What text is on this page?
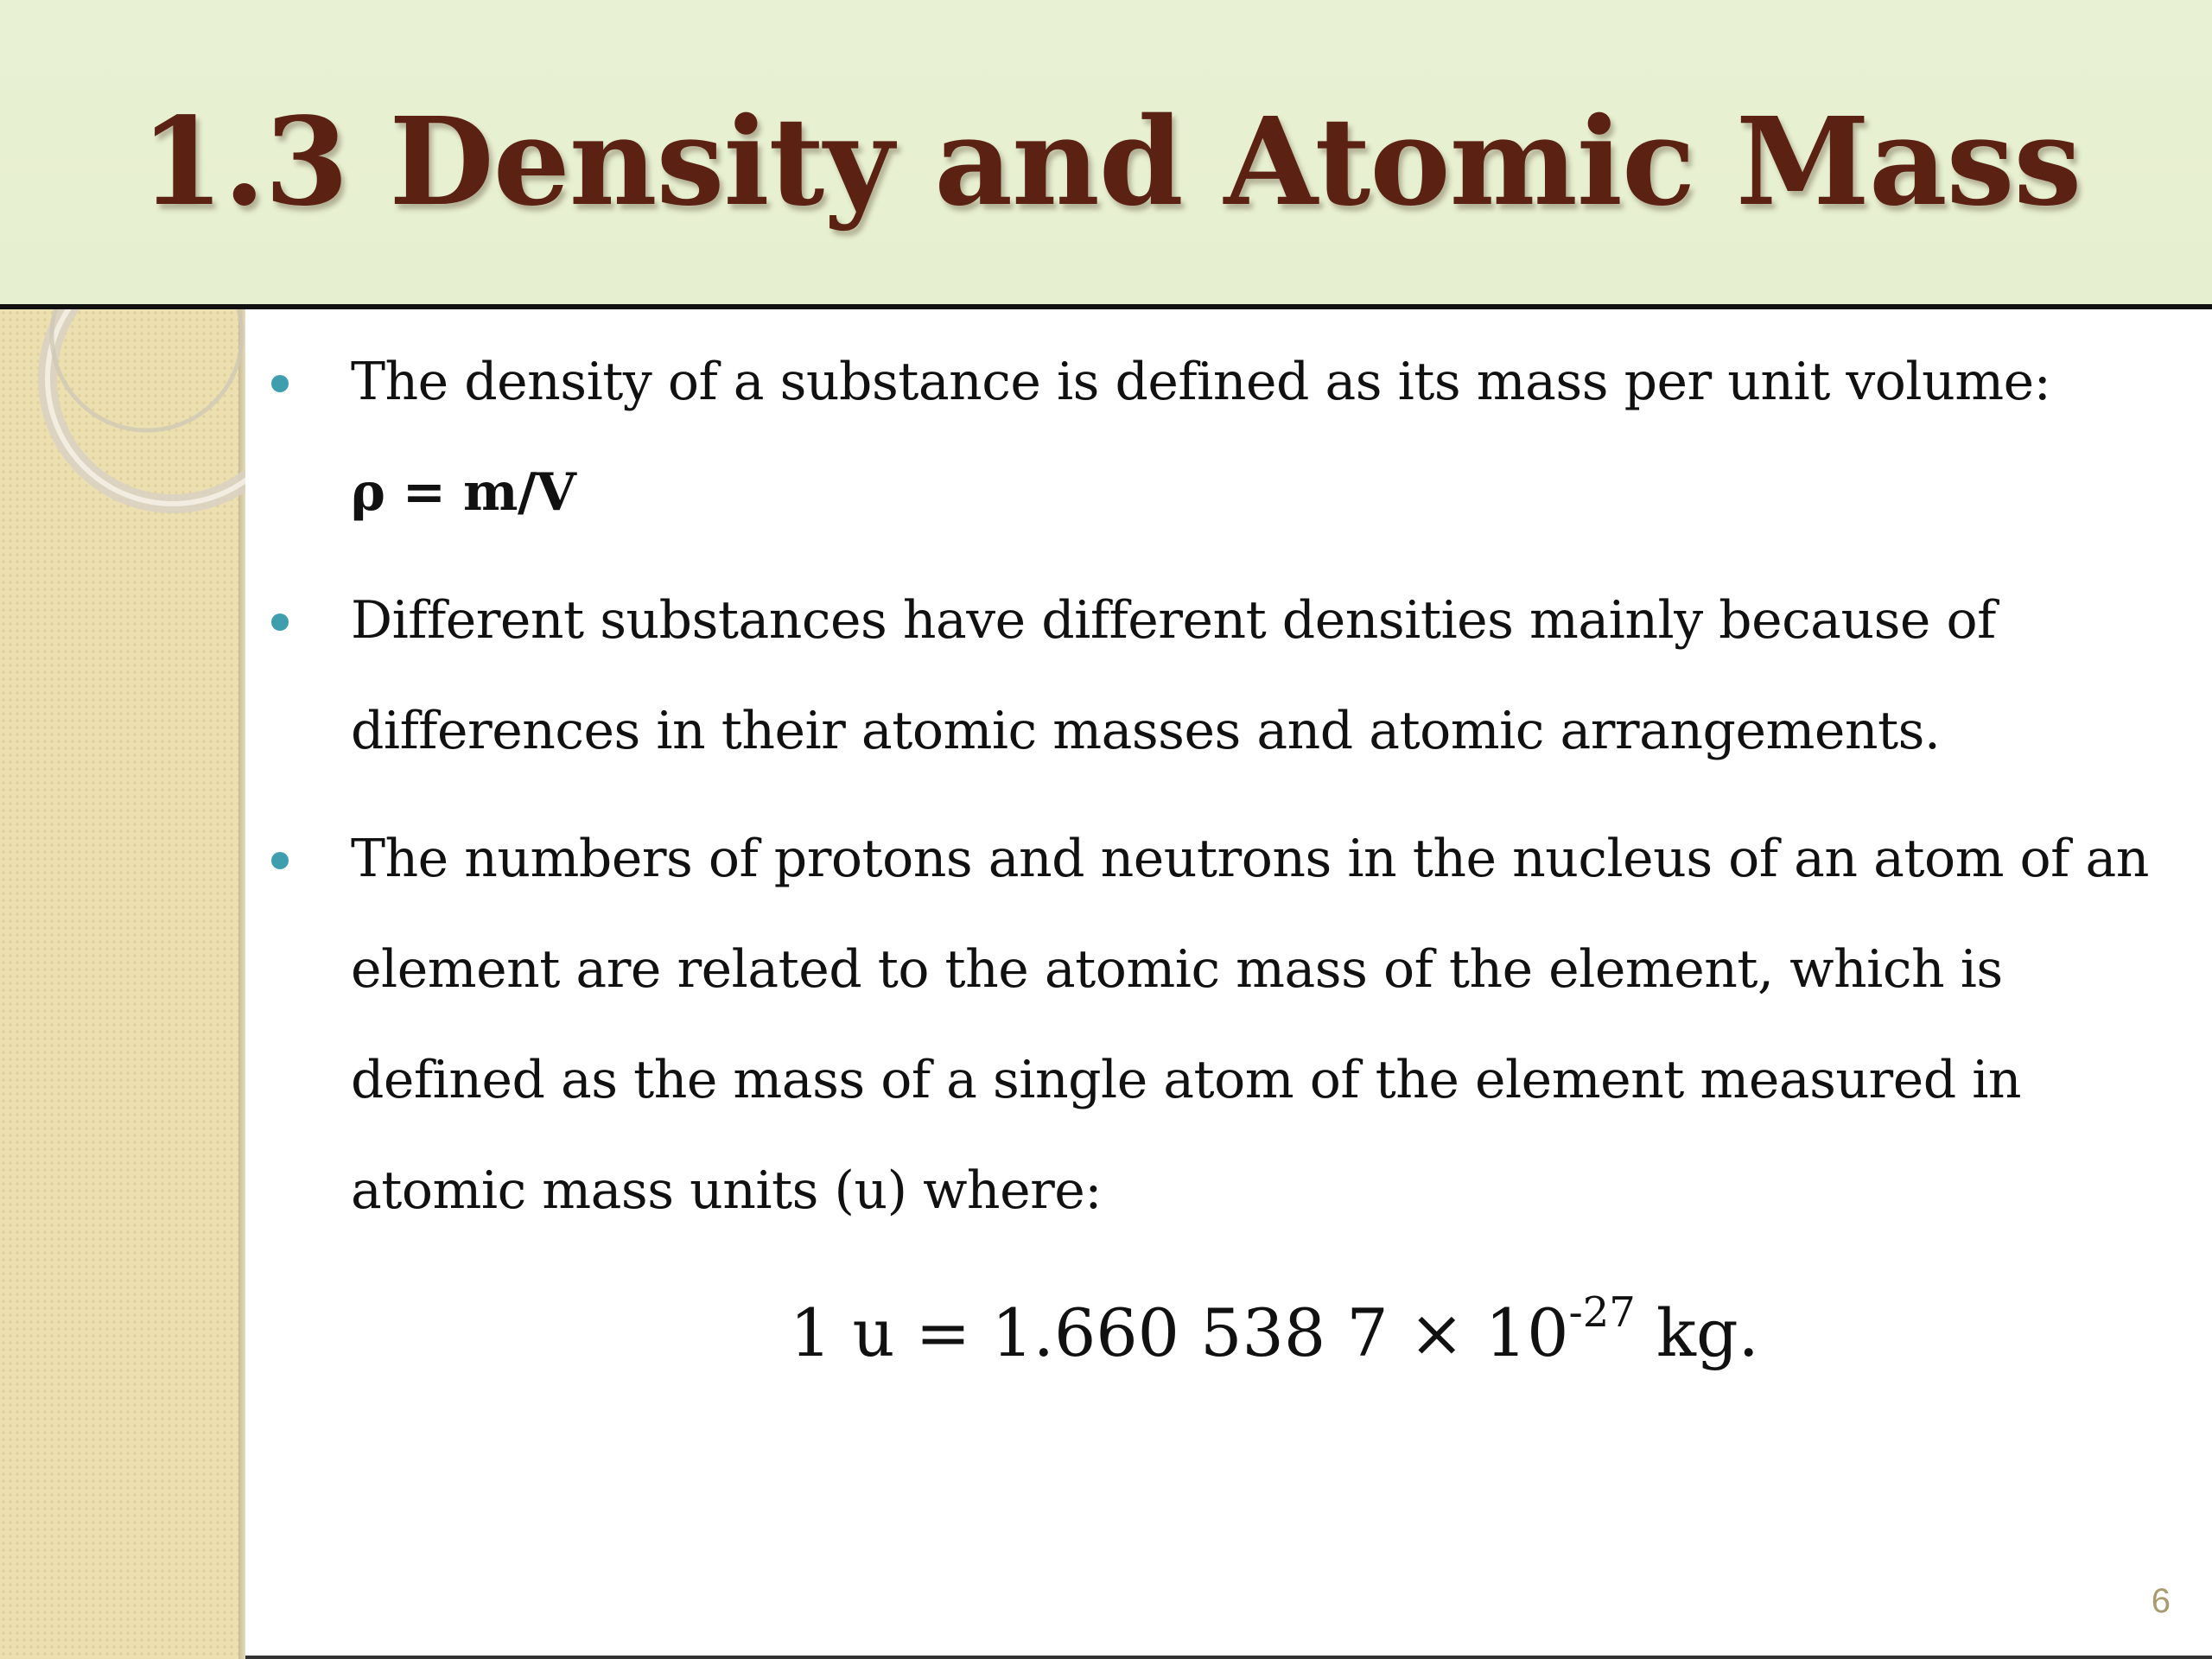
1.3 Density and Atomic Mass
The density of a substance is defined as its mass per unit volume:
ρ = m/V
Different substances have different densities mainly because of differences in their atomic masses and atomic arrangements.
The numbers of protons and neutrons in the nucleus of an atom of an element are related to the atomic mass of the element, which is defined as the mass of a single atom of the element measured in atomic mass units (u) where:
1 u = 1.660 538 $7 \times 10^{-27}$ kg.
6
